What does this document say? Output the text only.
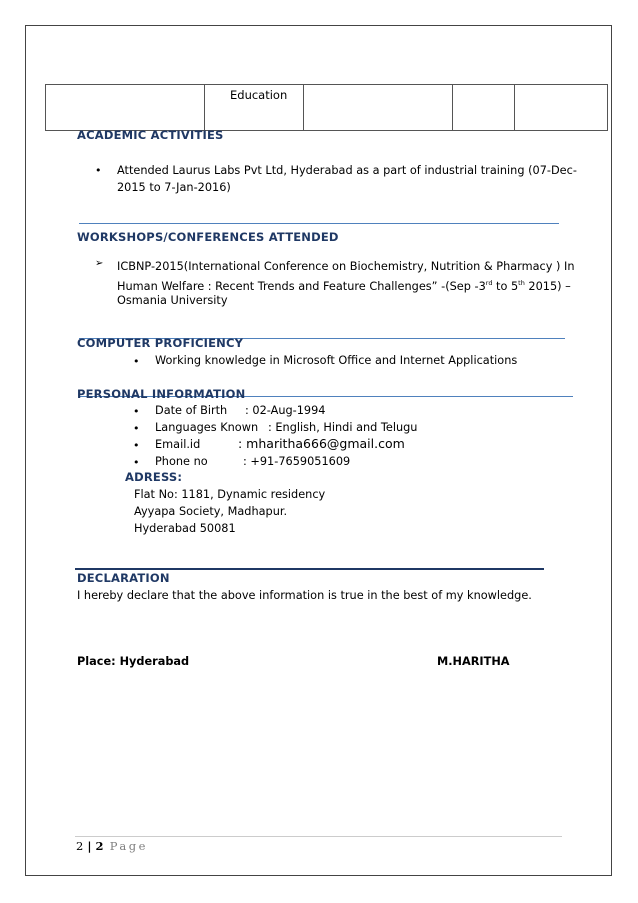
	Education			
ACADEMIC ACTIVITIES
• Attended Laurus Labs Pvt Ltd, Hyderabad as a part of industrial training (07-Dec-
2015 to 7-Jan-2016)
WORKSHOPS/CONFERENCES ATTENDED
➢ ICBNP-2015(International Conference on Biochemistry, Nutrition & Pharmacy ) In
Human Welfare : Recent Trends and Feature Challenges” -(Sep -3rd to 5th 2015) –
Osmania University
COMPUTER PROFICIENCY
• Working knowledge in Microsoft Office and Internet Applications
PERSONAL INFORMATION
• Date of Birth : 02-Aug-1994
• Languages Known : English, Hindi and Telugu
• Email.id	: mharitha666@gmail.com
• Phone no	: +91-7659051609
ADRESS:
Flat No: 1181, Dynamic residency
Ayyapa Society, Madhapur.
Hyderabad 50081
DECLARATION
I hereby declare that the above information is true in the best of my knowledge.
Place: Hyderabad	M.HARITHA
2 | 2 Page
